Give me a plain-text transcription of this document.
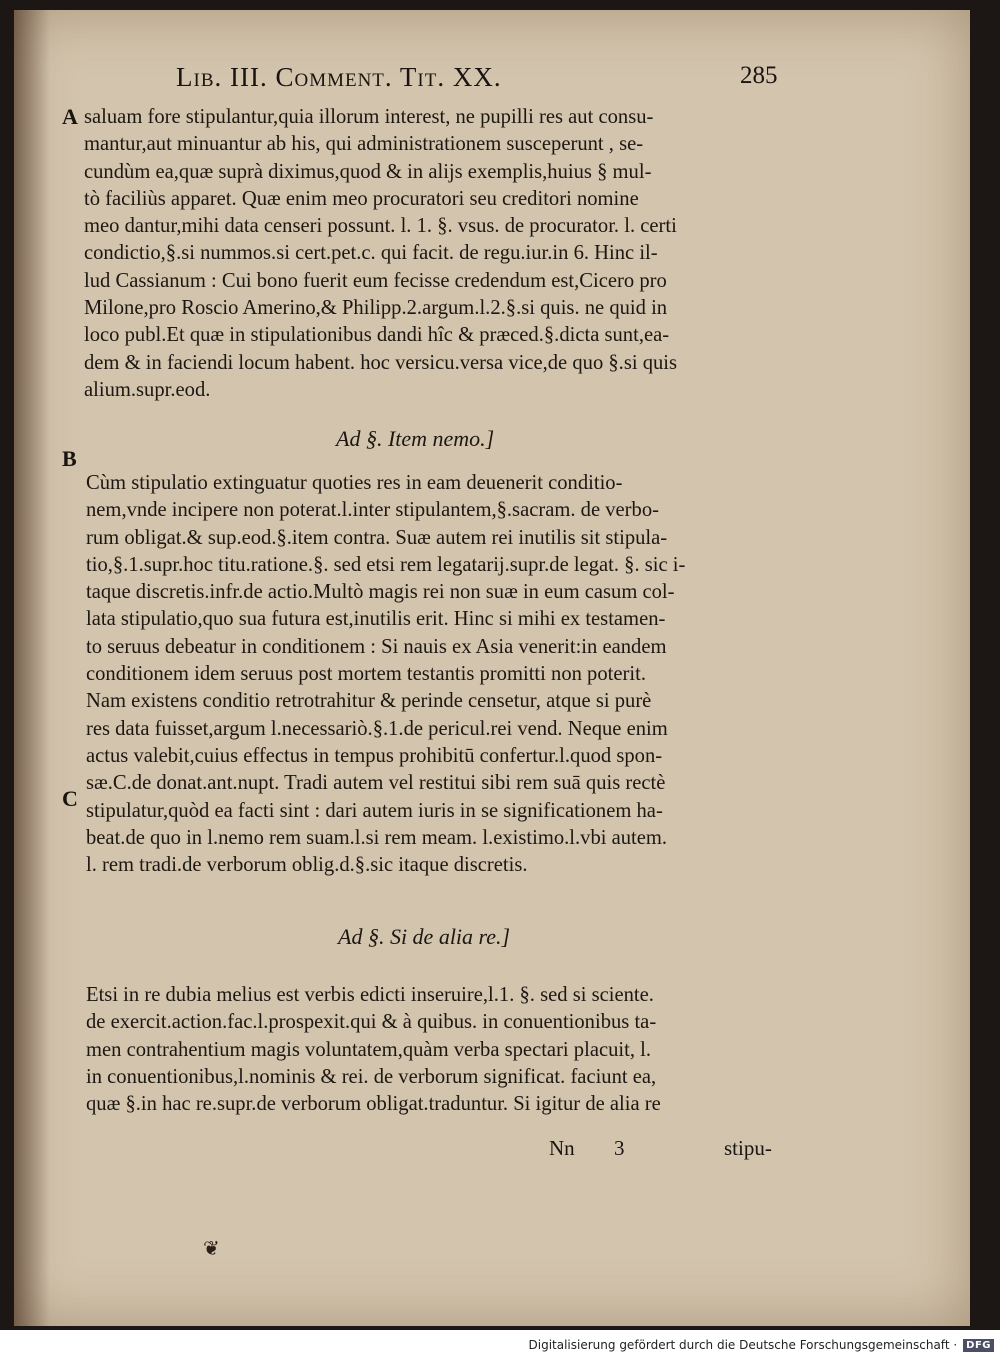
Lib. III. Comment. Tit. XX.	285
A
B
C
saluam fore stipulantur,quia illorum interest, ne pupilli res aut consu-
mantur,aut minuantur ab his, qui administrationem susceperunt , se-
cundùm ea,quæ suprà diximus,quod & in alijs exemplis,huius § mul-
tò faciliùs apparet. Quæ enim meo procuratori seu creditori nomine
meo dantur,mihi data censeri possunt. l. 1. §. vsus. de procurator. l. certi
condictio,§.si nummos.si cert.pet.c. qui facit. de regu.iur.in 6. Hinc il-
lud Cassianum : Cui bono fuerit eum fecisse credendum est,Cicero pro
Milone,pro Roscio Amerino,& Philipp.2.argum.l.2.§.si quis. ne quid in
loco publ.Et quæ in stipulationibus dandi hîc & præced.§.dicta sunt,ea-
dem & in faciendi locum habent. hoc versicu.versa vice,de quo §.si quis
alium.supr.eod.
Ad §. Item nemo.]
Cùm stipulatio extinguatur quoties res in eam deuenerit conditio-
nem,vnde incipere non poterat.l.inter stipulantem,§.sacram. de verbo-
rum obligat.& sup.eod.§.item contra. Suæ autem rei inutilis sit stipula-
tio,§.1.supr.hoc titu.ratione.§. sed etsi rem legatarij.supr.de legat. §. sic i-
taque discretis.infr.de actio.Multò magis rei non suæ in eum casum col-
lata stipulatio,quo sua futura est,inutilis erit. Hinc si mihi ex testamen-
to seruus debeatur in conditionem : Si nauis ex Asia venerit:in eandem
conditionem idem seruus post mortem testantis promitti non poterit.
Nam existens conditio retrotrahitur & perinde censetur, atque si purè
res data fuisset,argum l.necessariò.§.1.de pericul.rei vend. Neque enim
actus valebit,cuius effectus in tempus prohibitū confertur.l.quod spon-
sæ.C.de donat.ant.nupt. Tradi autem vel restitui sibi rem suā quis rectè
stipulatur,quòd ea facti sint : dari autem iuris in se significationem ha-
beat.de quo in l.nemo rem suam.l.si rem meam. l.existimo.l.vbi autem.
l. rem tradi.de verborum oblig.d.§.sic itaque discretis.
Ad §. Si de alia re.]
Etsi in re dubia melius est verbis edicti inseruire,l.1. §. sed si sciente.
de exercit.action.fac.l.prospexit.qui & à quibus. in conuentionibus ta-
men contrahentium magis voluntatem,quàm verba spectari placuit, l.
in conuentionibus,l.nominis & rei. de verborum significat. faciunt ea,
quæ §.in hac re.supr.de verborum obligat.traduntur. Si igitur de alia re
Nn 3	stipu-
❦
Digitalisierung gefördert durch die Deutsche Forschungsgemeinschaft · DFG
